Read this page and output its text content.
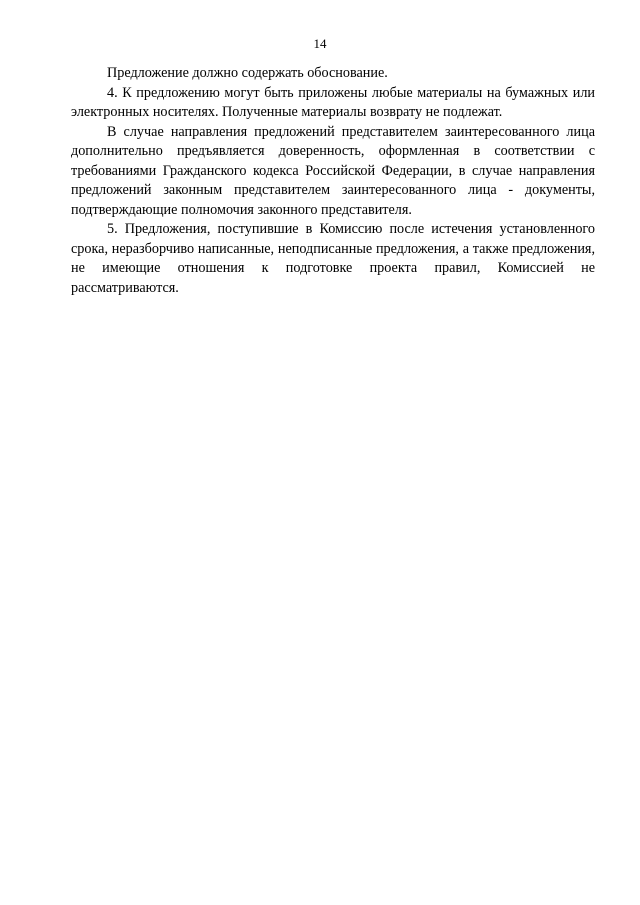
14

Предложение должно содержать обоснование.

4. К предложению могут быть приложены любые материалы на бумажных или электронных носителях. Полученные материалы возврату не подлежат.

В случае направления предложений представителем заинтересованного лица дополнительно предъявляется доверенность, оформленная в соответствии с требованиями Гражданского кодекса Российской Федерации, в случае направления предложений законным представителем заинтересованного лица - документы, подтверждающие полномочия законного представителя.

5. Предложения, поступившие в Комиссию после истечения установленного срока, неразборчиво написанные, неподписанные предложения, а также предложения, не имеющие отношения к подготовке проекта правил, Комиссией не рассматриваются.
